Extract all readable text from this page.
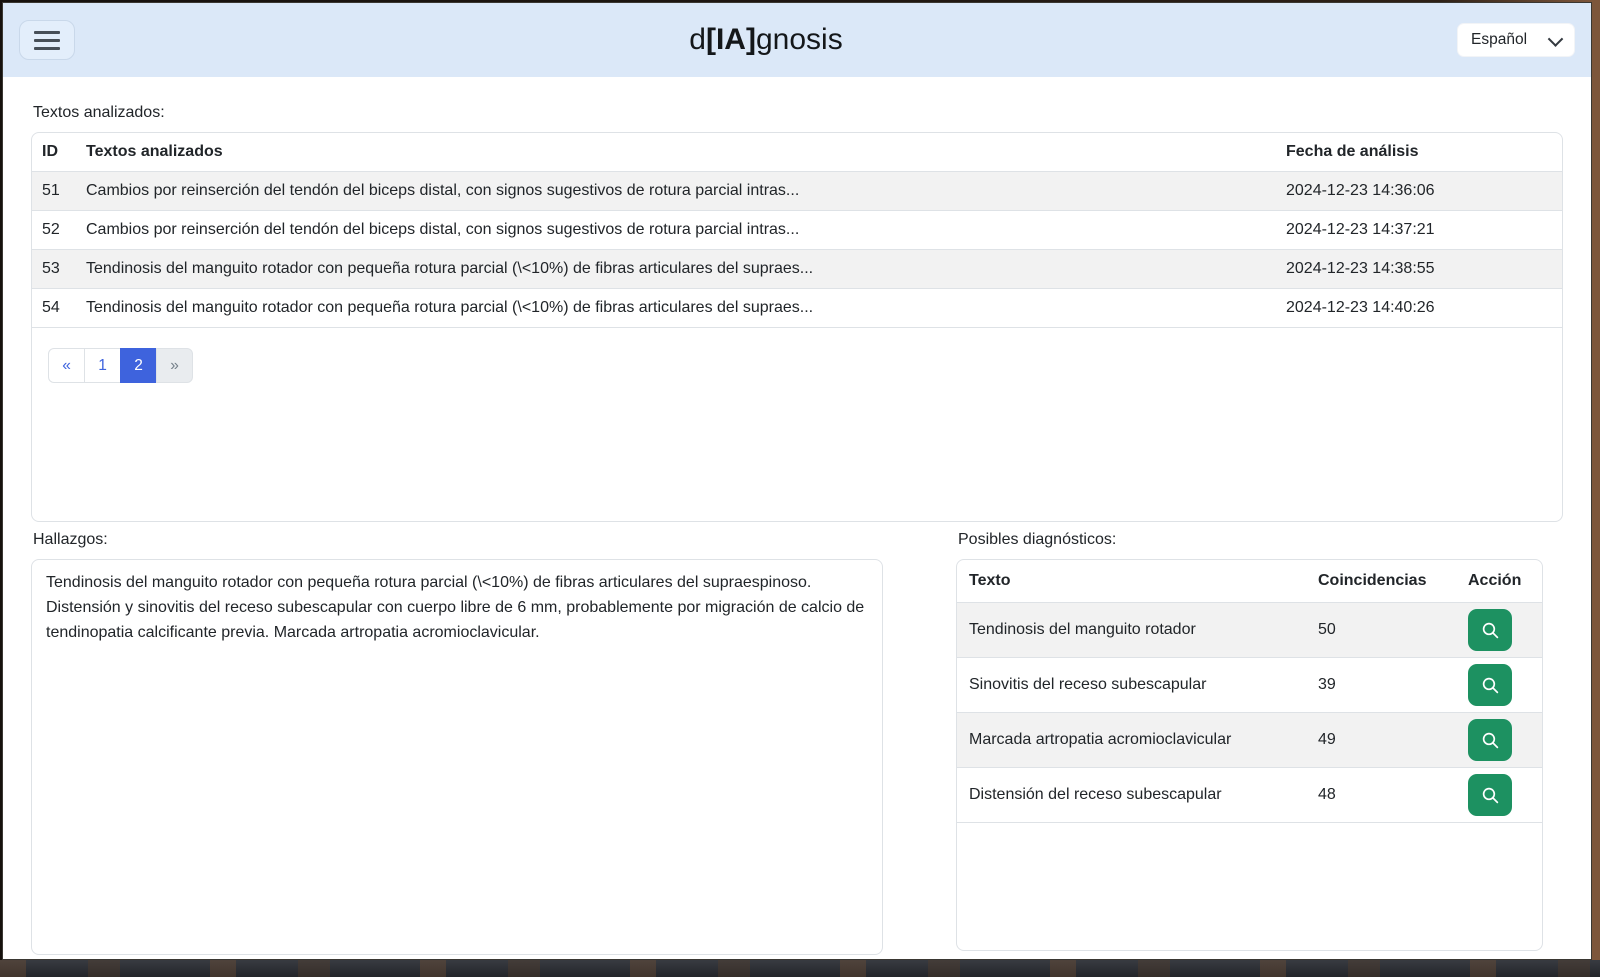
d[IA]gnosis	Español
Textos analizados:
ID	Textos analizados	Fecha de análisis
51	Cambios por reinserción del tendón del biceps distal, con signos sugestivos de rotura parcial intras...	2024-12-23 14:36:06
52	Cambios por reinserción del tendón del biceps distal, con signos sugestivos de rotura parcial intras...	2024-12-23 14:37:21
53	Tendinosis del manguito rotador con pequeña rotura parcial (\<10%) de fibras articulares del supraes...	2024-12-23 14:38:55
54	Tendinosis del manguito rotador con pequeña rotura parcial (\<10%) de fibras articulares del supraes...	2024-12-23 14:40:26
«	1	2	»
Hallazgos:
Tendinosis del manguito rotador con pequeña rotura parcial (\<10%) de fibras articulares del supraespinoso. Distensión y sinovitis del receso subescapular con cuerpo libre de 6 mm, probablemente por migración de calcio de tendinopatia calcificante previa. Marcada artropatia acromioclavicular.
Posibles diagnósticos:
Texto	Coincidencias	Acción
Tendinosis del manguito rotador	50	

Sinovitis del receso subescapular	39	

Marcada artropatia acromioclavicular	49	

Distensión del receso subescapular	48	
